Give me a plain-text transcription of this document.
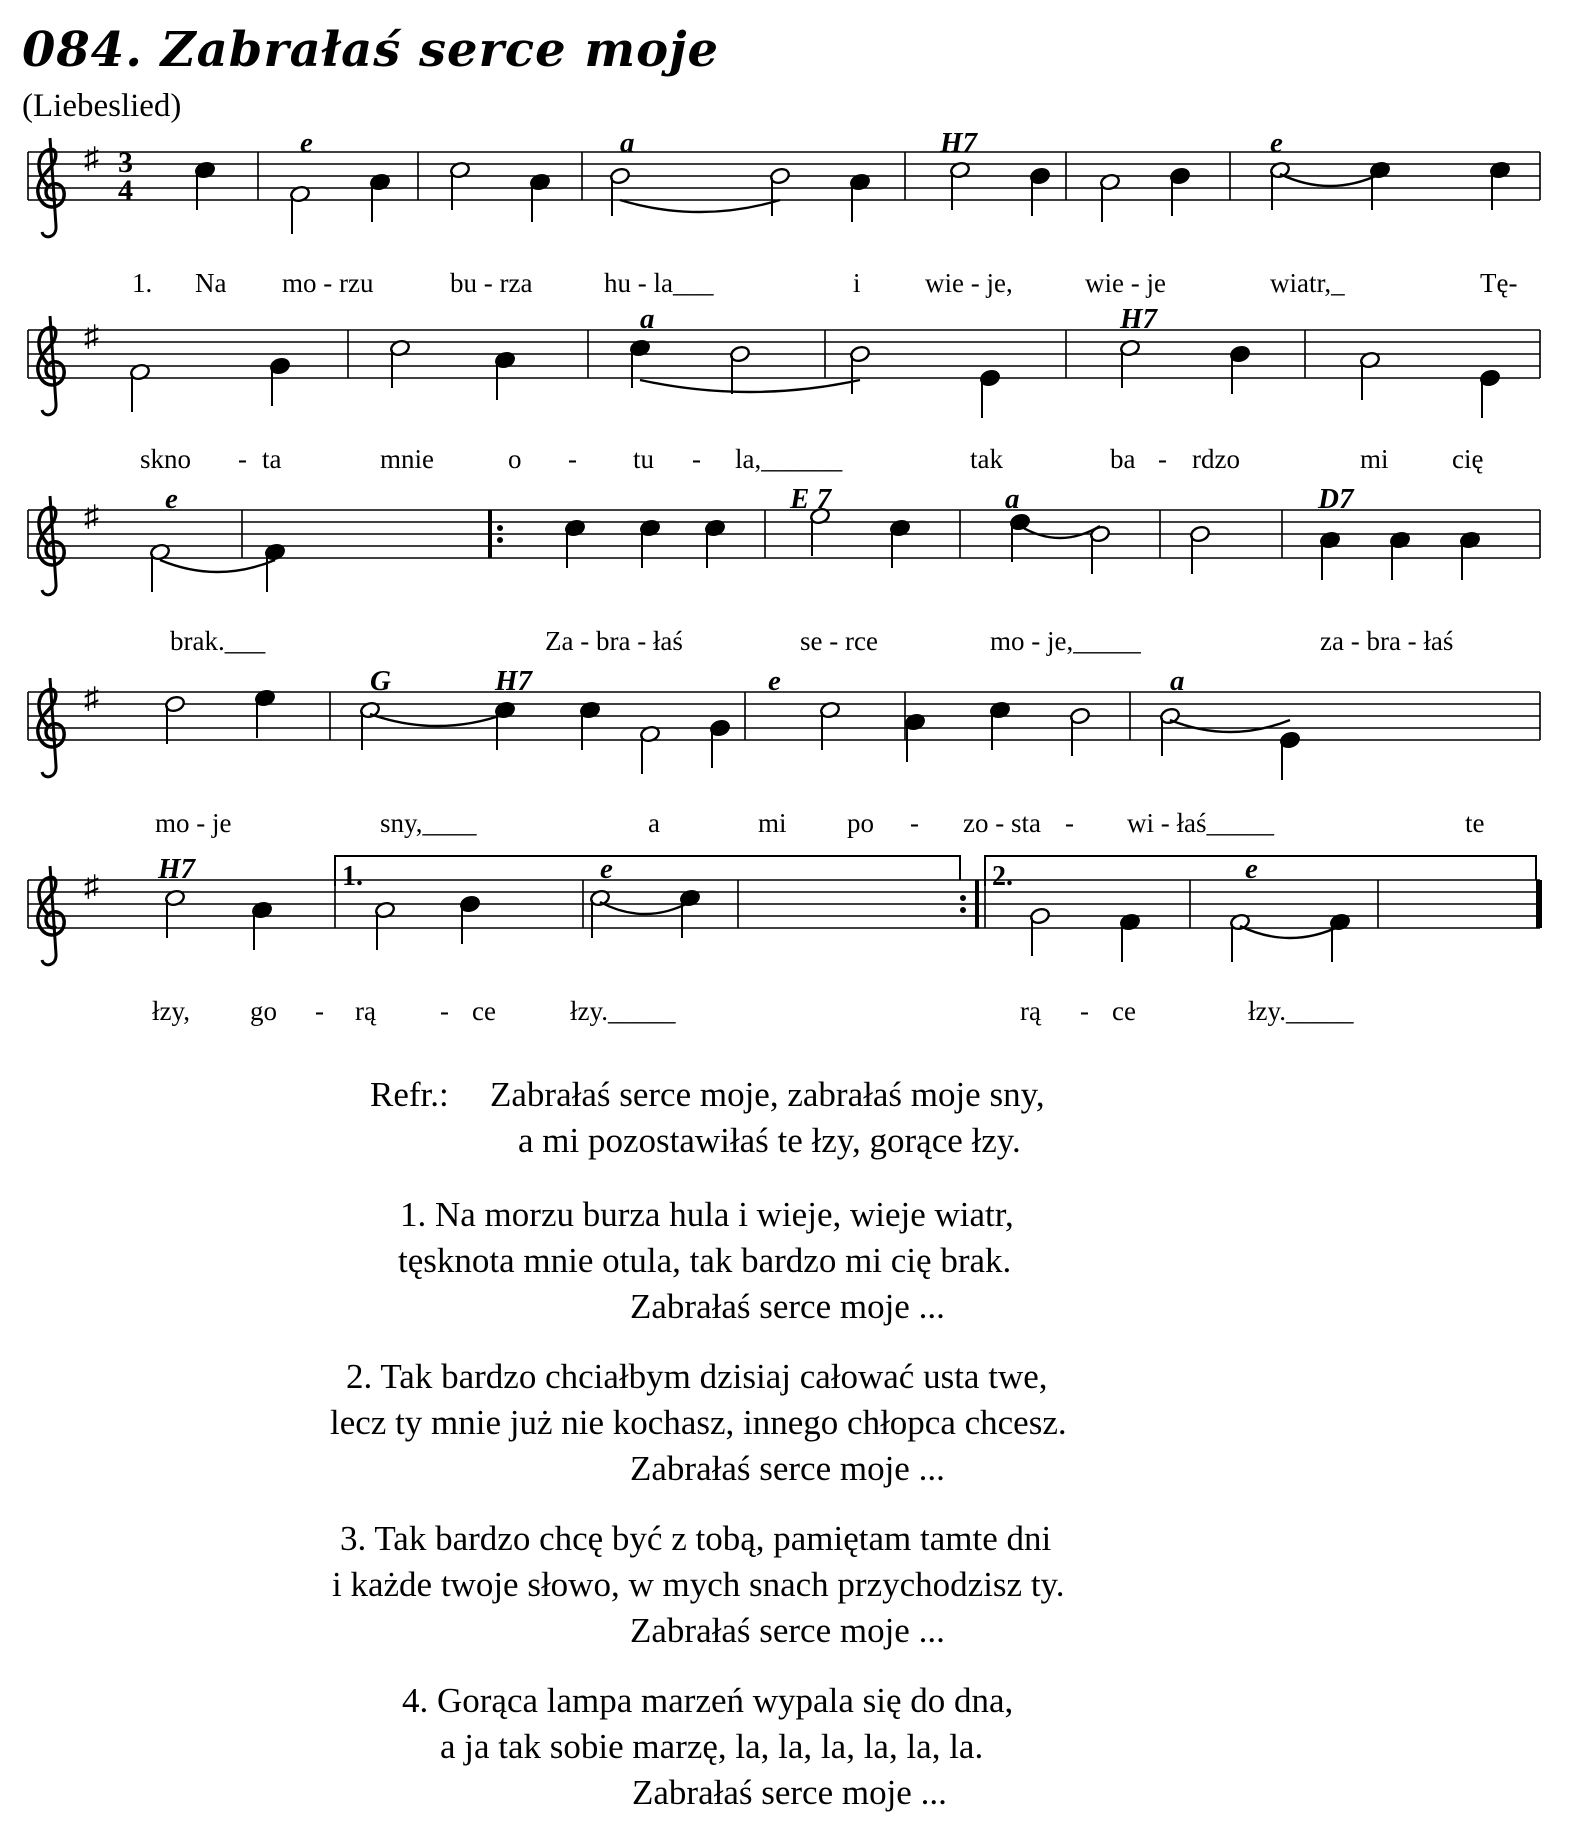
084. Zabrałaś serce moje
(Liebeslied)
♯
♯
♯
♯
♯
3
4
1.	2.
e	a	H7	e
a	H7
e	E 7	a	D7
G	H7	e	a
H7	e	e
1. Na mo - rzu	bu - rza	hu - la___	i wie - je,	wie - je	wiatr,_	Tę-
skno - ta	mnie	o - tu - la,______	tak	ba - rdzo	mi cię
brak.___	Za - bra - łaś	se - rce	mo - je,_____	za - bra - łaś
mo - je	sny,____	a	mi po - zo - sta - wi - łaś_____	te
łzy, go - rą - ce	łzy._____	rą - ce	łzy._____
Refr.: Zabrałaś serce moje, zabrałaś moje sny,
a mi pozostawiłaś te łzy, gorące łzy.
1. Na morzu burza hula i wieje, wieje wiatr,
tęsknota mnie otula, tak bardzo mi cię brak.
Zabrałaś serce moje ...
2. Tak bardzo chciałbym dzisiaj całować usta twe,
lecz ty mnie już nie kochasz, innego chłopca chcesz.
Zabrałaś serce moje ...
3. Tak bardzo chcę być z tobą, pamiętam tamte dni
i każde twoje słowo, w mych snach przychodzisz ty.
Zabrałaś serce moje ...
4. Gorąca lampa marzeń wypala się do dna,
a ja tak sobie marzę, la, la, la, la, la, la.
Zabrałaś serce moje ...
